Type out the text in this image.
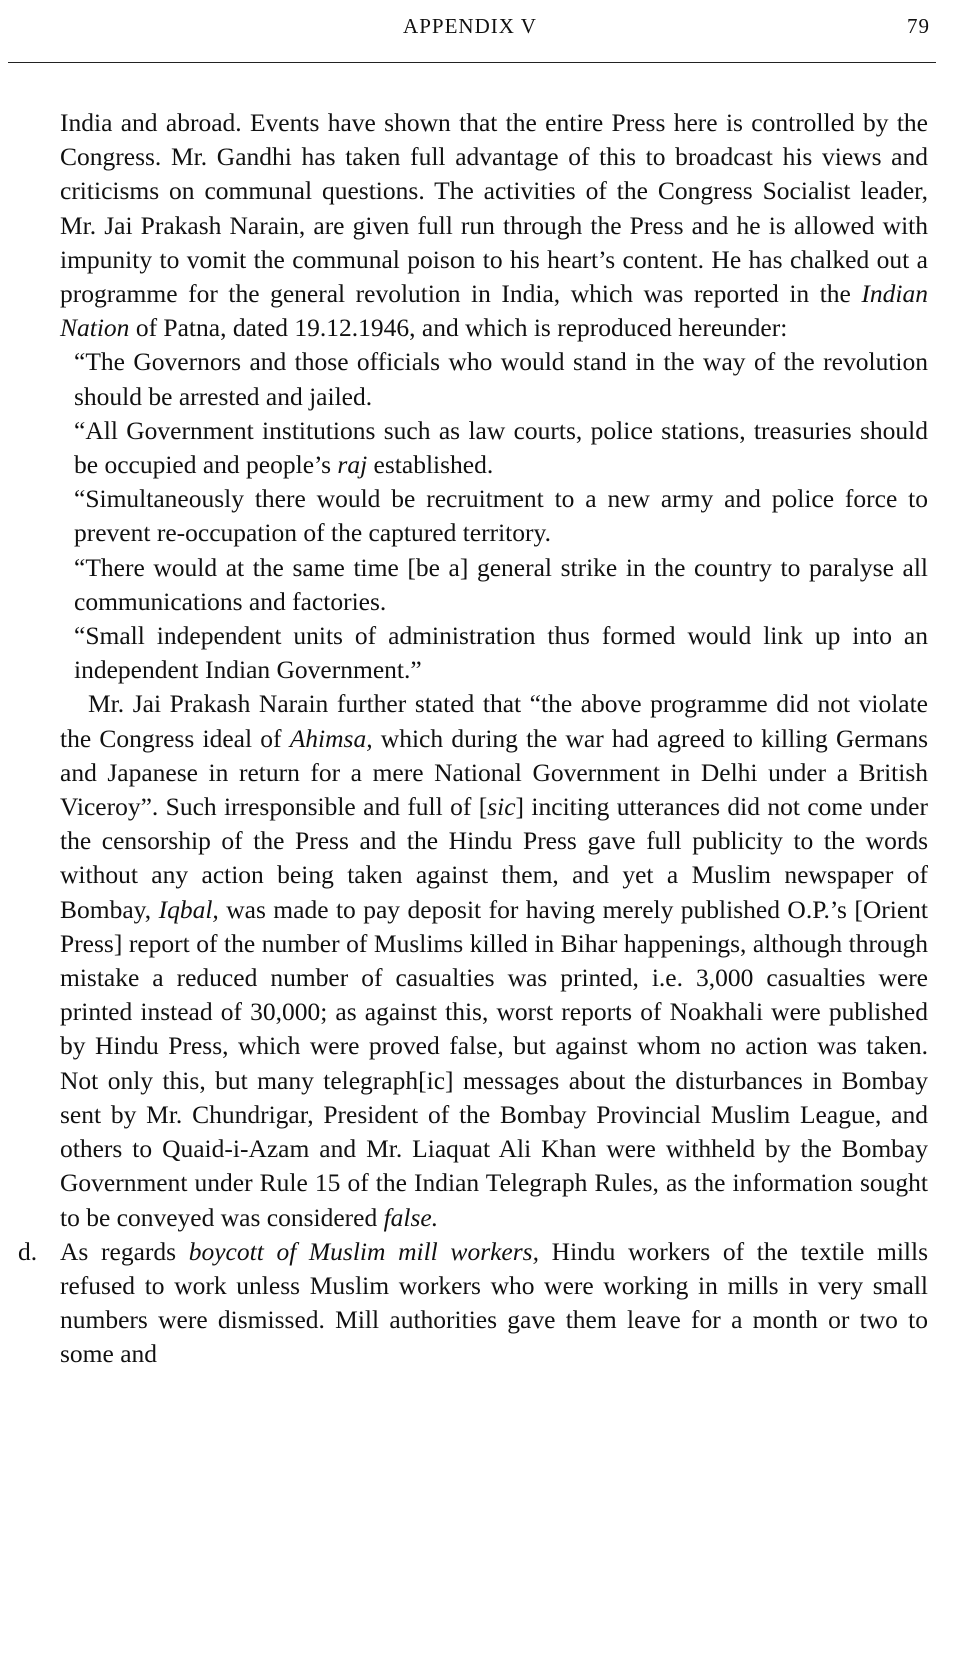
APPENDIX V	79

India and abroad. Events have shown that the entire Press here is controlled by the Congress. Mr. Gandhi has taken full advantage of this to broadcast his views and criticisms on communal questions. The activities of the Congress Socialist leader, Mr. Jai Prakash Narain, are given full run through the Press and he is allowed with impunity to vomit the communal poison to his heart’s content. He has chalked out a programme for the general revolution in India, which was reported in the Indian Nation of Patna, dated 19.12.1946, and which is reproduced hereunder:

“The Governors and those officials who would stand in the way of the revolution should be arrested and jailed.

“All Government institutions such as law courts, police stations, treasuries should be occupied and people’s raj established.

“Simultaneously there would be recruitment to a new army and police force to prevent re-occupation of the captured territory.

“There would at the same time [be a] general strike in the country to paralyse all communications and factories.

“Small independent units of administration thus formed would link up into an independent Indian Government.”

Mr. Jai Prakash Narain further stated that “the above programme did not violate the Congress ideal of Ahimsa, which during the war had agreed to killing Germans and Japanese in return for a mere National Government in Delhi under a British Viceroy”. Such irresponsible and full of [sic] inciting utterances did not come under the censorship of the Press and the Hindu Press gave full publicity to the words without any action being taken against them, and yet a Muslim newspaper of Bombay, Iqbal, was made to pay deposit for having merely published O.P.’s [Orient Press] report of the number of Muslims killed in Bihar happenings, although through mistake a reduced number of casualties was printed, i.e. 3,000 casualties were printed instead of 30,000; as against this, worst reports of Noakhali were published by Hindu Press, which were proved false, but against whom no action was taken. Not only this, but many telegraph[ic] messages about the disturbances in Bombay sent by Mr. Chundrigar, President of the Bombay Provincial Muslim League, and others to Quaid-i-Azam and Mr. Liaquat Ali Khan were withheld by the Bombay Government under Rule 15 of the Indian Telegraph Rules, as the information sought to be conveyed was considered false.

d. As regards boycott of Muslim mill workers, Hindu workers of the textile mills refused to work unless Muslim workers who were working in mills in very small numbers were dismissed. Mill authorities gave them leave for a month or two to some and
